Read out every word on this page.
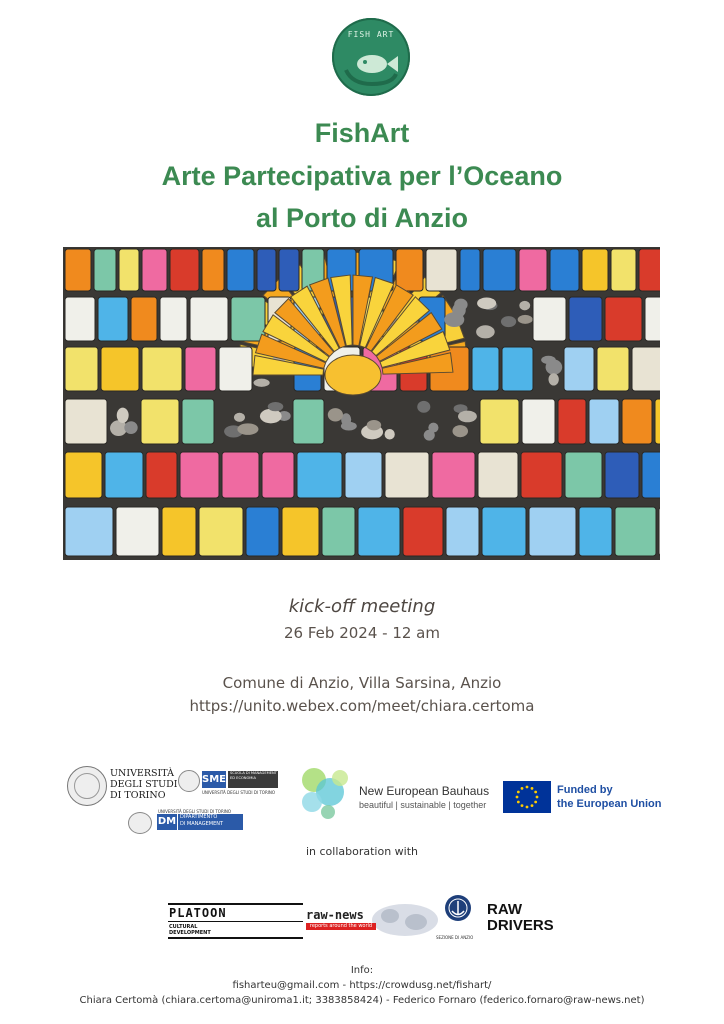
FISH ART
FishArt
Arte Partecipativa per l’Oceano
al Porto di Anzio
kick-off meeting
26 Feb 2024 - 12 am
Comune di Anzio, Villa Sarsina, Anzio
https://unito.webex.com/meet/chiara.certoma
UNIVERSITÀ
DEGLI STUDI
DI TORINO
SME
SCUOLA DI MANAGEMENT
ED ECONOMIA
UNIVERSITÀ DEGLI STUDI DI TORINO
UNIVERSITÀ DEGLI STUDI DI TORINO
DM DIPARTIMENTO
DI MANAGEMENT
New European Bauhaus
beautiful | sustainable | together
Funded by
the European Union
in collaboration with
PLATOON
CULTURAL
DEVELOPMENT
raw-news
reports around the world
SEZIONE DI ANZIO
RAW
DRIVERS
Info:
fisharteu@gmail.com - https://crowdusg.net/fishart/
Chiara Certomà (chiara.certoma@uniroma1.it; 3383858424) - Federico Fornaro (federico.fornaro@raw-news.net)
